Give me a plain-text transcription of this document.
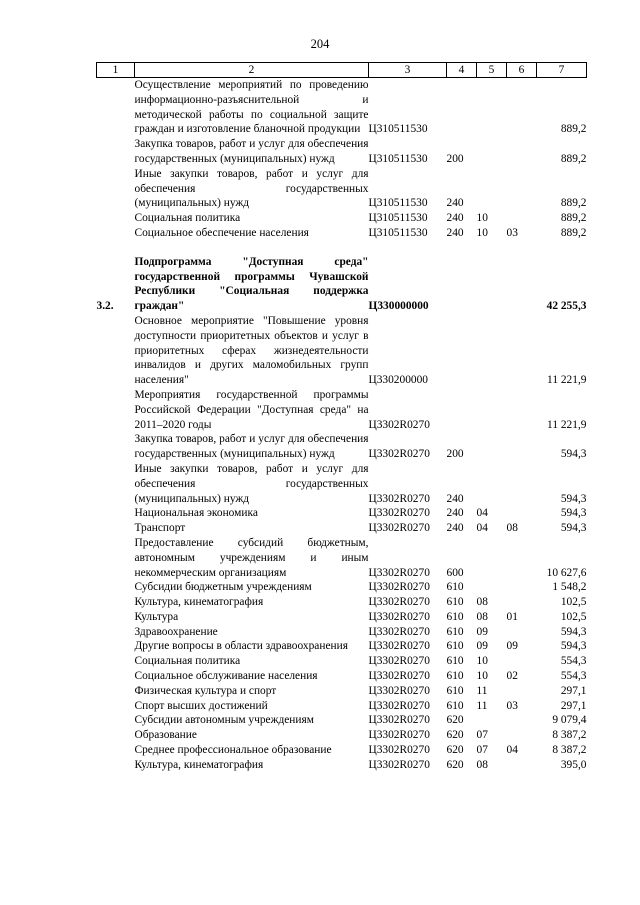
204
1	2	3	4	5	6	7
	Осуществление мероприятий по проведению информационно-разъяснительной и методической работы по социальной защите граждан и изготовление бланочной продукции	Ц310511530				889,2
	Закупка товаров, работ и услуг для обеспечения государственных (муниципальных) нужд	Ц310511530	200			889,2
	Иные закупки товаров, работ и услуг для обеспечения государственных (муниципальных) нужд	Ц310511530	240			889,2
	Социальная политика	Ц310511530	240	10		889,2
	Социальное обеспечение населения	Ц310511530	240	10	03	889,2

3.2.	Подпрограмма "Доступная среда" государственной программы Чувашской Республики "Социальная поддержка граждан"	Ц330000000				42 255,3
	Основное мероприятие "Повышение уровня доступности приоритетных объектов и услуг в приоритетных сферах жизнедеятельности инвалидов и других маломобильных групп населения"	Ц330200000				11 221,9
	Мероприятия государственной программы Российской Федерации "Доступная среда" на 2011–2020 годы	Ц3302R0270				11 221,9
	Закупка товаров, работ и услуг для обеспечения государственных (муниципальных) нужд	Ц3302R0270	200			594,3
	Иные закупки товаров, работ и услуг для обеспечения государственных (муниципальных) нужд	Ц3302R0270	240			594,3
	Национальная экономика	Ц3302R0270	240	04		594,3
	Транспорт	Ц3302R0270	240	04	08	594,3
	Предоставление субсидий бюджетным, автономным учреждениям и иным некоммерческим организациям	Ц3302R0270	600			10 627,6
	Субсидии бюджетным учреждениям	Ц3302R0270	610			1 548,2
	Культура, кинематография	Ц3302R0270	610	08		102,5
	Культура	Ц3302R0270	610	08	01	102,5
	Здравоохранение	Ц3302R0270	610	09		594,3
	Другие вопросы в области здравоохранения	Ц3302R0270	610	09	09	594,3
	Социальная политика	Ц3302R0270	610	10		554,3
	Социальное обслуживание населения	Ц3302R0270	610	10	02	554,3
	Физическая культура и спорт	Ц3302R0270	610	11		297,1
	Спорт высших достижений	Ц3302R0270	610	11	03	297,1
	Субсидии автономным учреждениям	Ц3302R0270	620			9 079,4
	Образование	Ц3302R0270	620	07		8 387,2
	Среднее профессиональное образование	Ц3302R0270	620	07	04	8 387,2
	Культура, кинематография	Ц3302R0270	620	08		395,0
